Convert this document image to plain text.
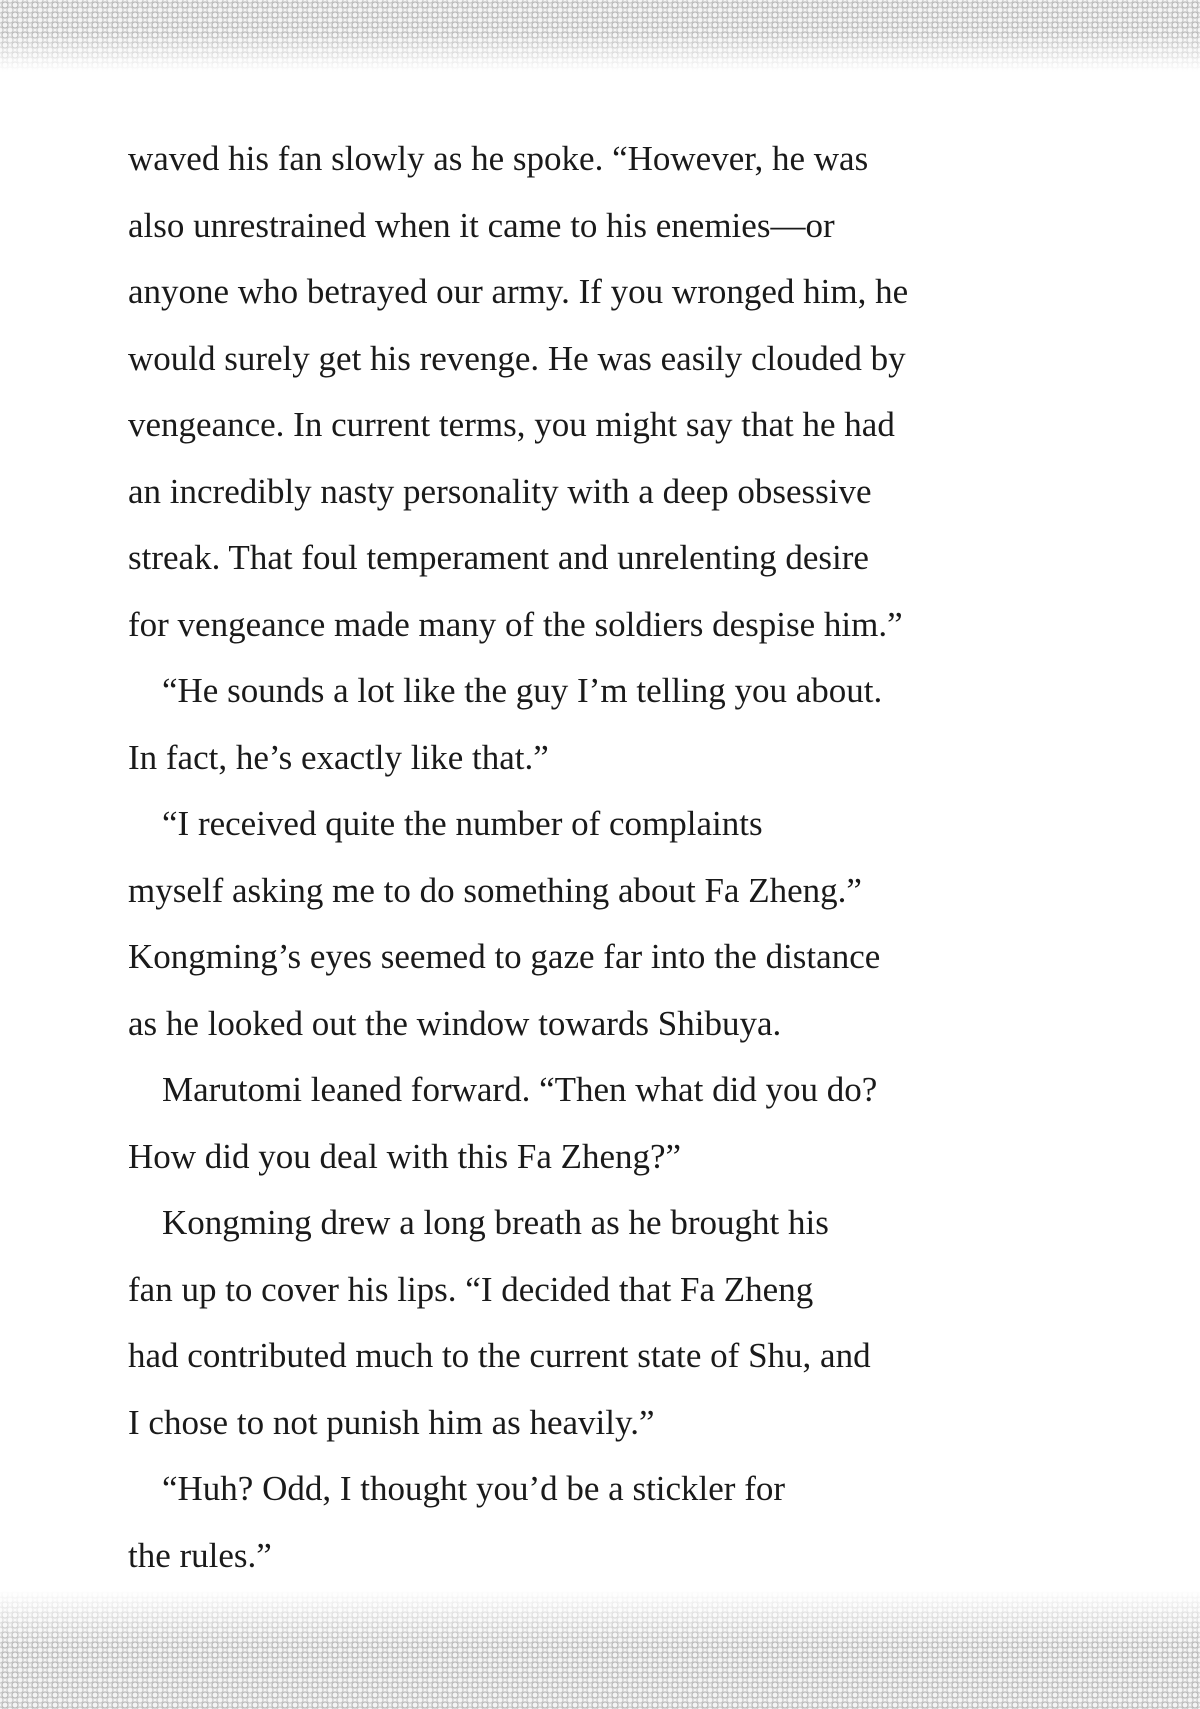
waved his fan slowly as he spoke. “However, he was
also unrestrained when it came to his enemies—or
anyone who betrayed our army. If you wronged him, he
would surely get his revenge. He was easily clouded by
vengeance. In current terms, you might say that he had
an incredibly nasty personality with a deep obsessive
streak. That foul temperament and unrelenting desire
for vengeance made many of the soldiers despise him.”
“He sounds a lot like the guy I’m telling you about.
In fact, he’s exactly like that.”
“I received quite the number of complaints
myself asking me to do something about Fa Zheng.”
Kongming’s eyes seemed to gaze far into the distance
as he looked out the window towards Shibuya.
Marutomi leaned forward. “Then what did you do?
How did you deal with this Fa Zheng?”
Kongming drew a long breath as he brought his
fan up to cover his lips. “I decided that Fa Zheng
had contributed much to the current state of Shu, and
I chose to not punish him as heavily.”
“Huh? Odd, I thought you’d be a stickler for
the rules.”
